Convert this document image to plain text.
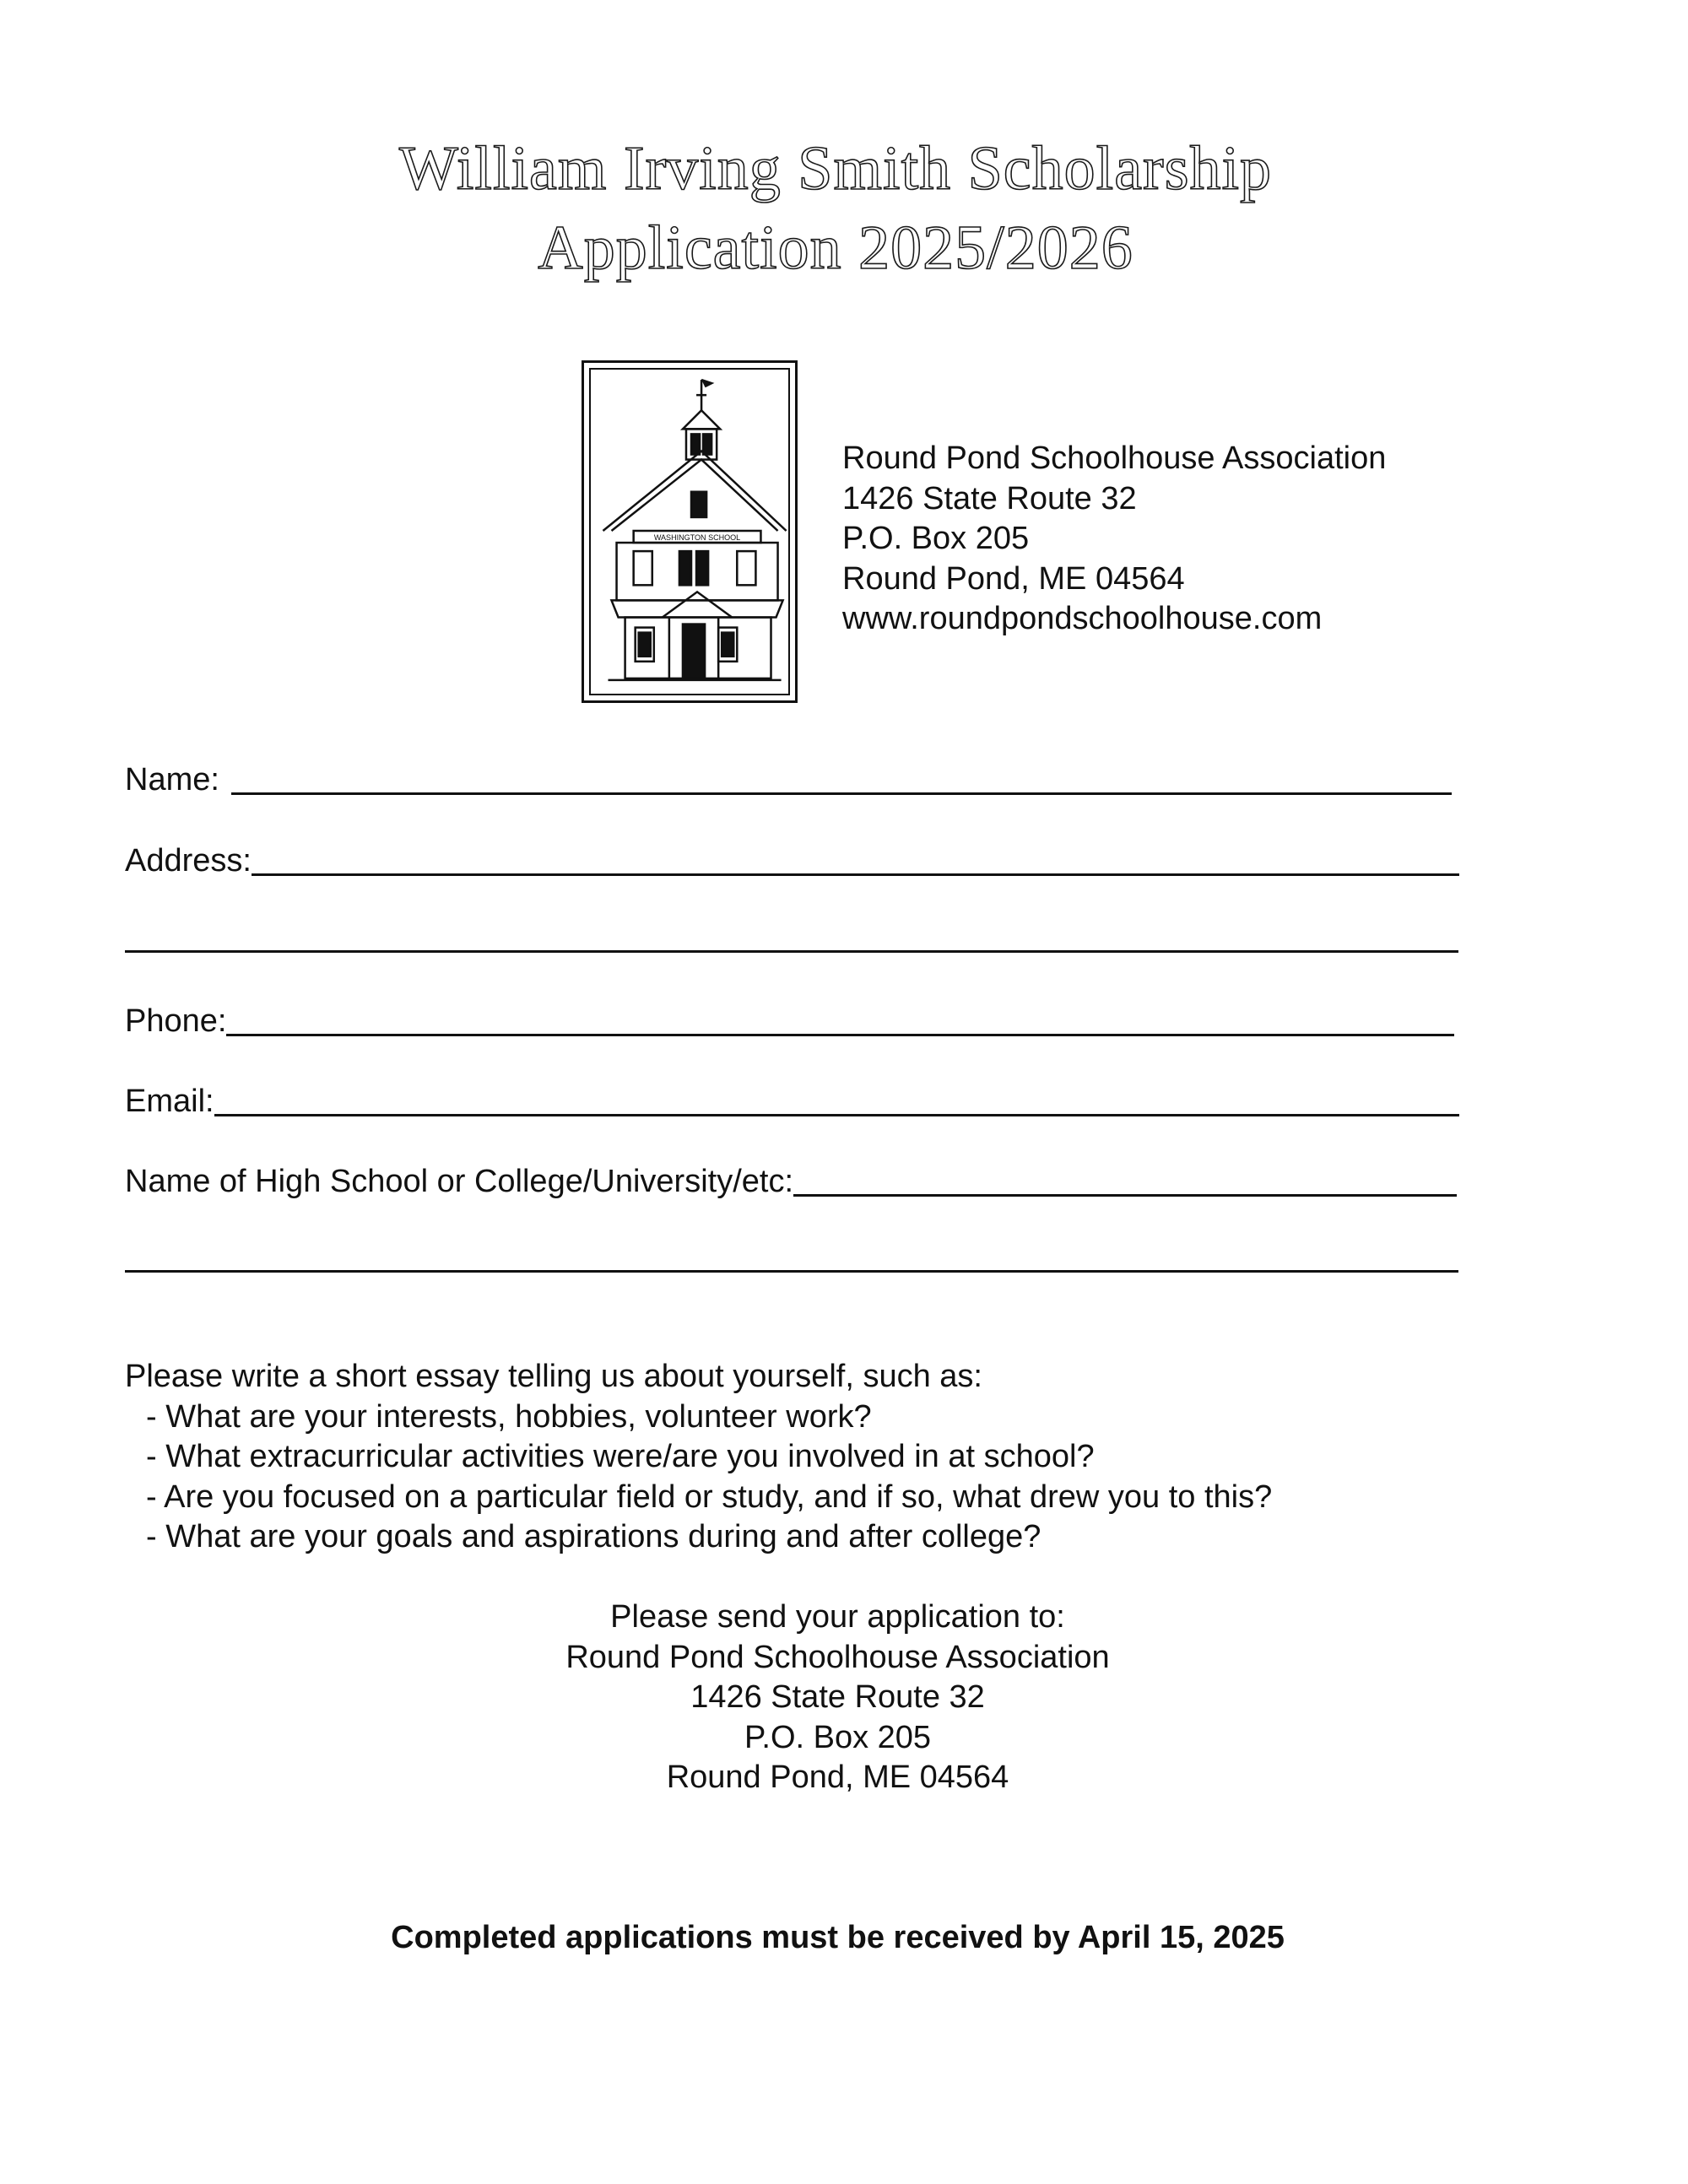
William Irving Smith Scholarship
Application 2025/2026
WASHINGTON SCHOOL
Round Pond Schoolhouse Association
1426 State Route 32
P.O. Box 205
Round Pond, ME 04564
www.roundpondschoolhouse.com
Name:
Address:
Phone:
Email:
Name of High School or College/University/etc:
Please write a short essay telling us about yourself, such as:
- What are your interests, hobbies, volunteer work?
- What extracurricular activities were/are you involved in at school?
- Are you focused on a particular field or study, and if so, what drew you to this?
- What are your goals and aspirations during and after college?
Please send your application to:
Round Pond Schoolhouse Association
1426 State Route 32
P.O. Box 205
Round Pond, ME 04564
Completed applications must be received by April 15, 2025
